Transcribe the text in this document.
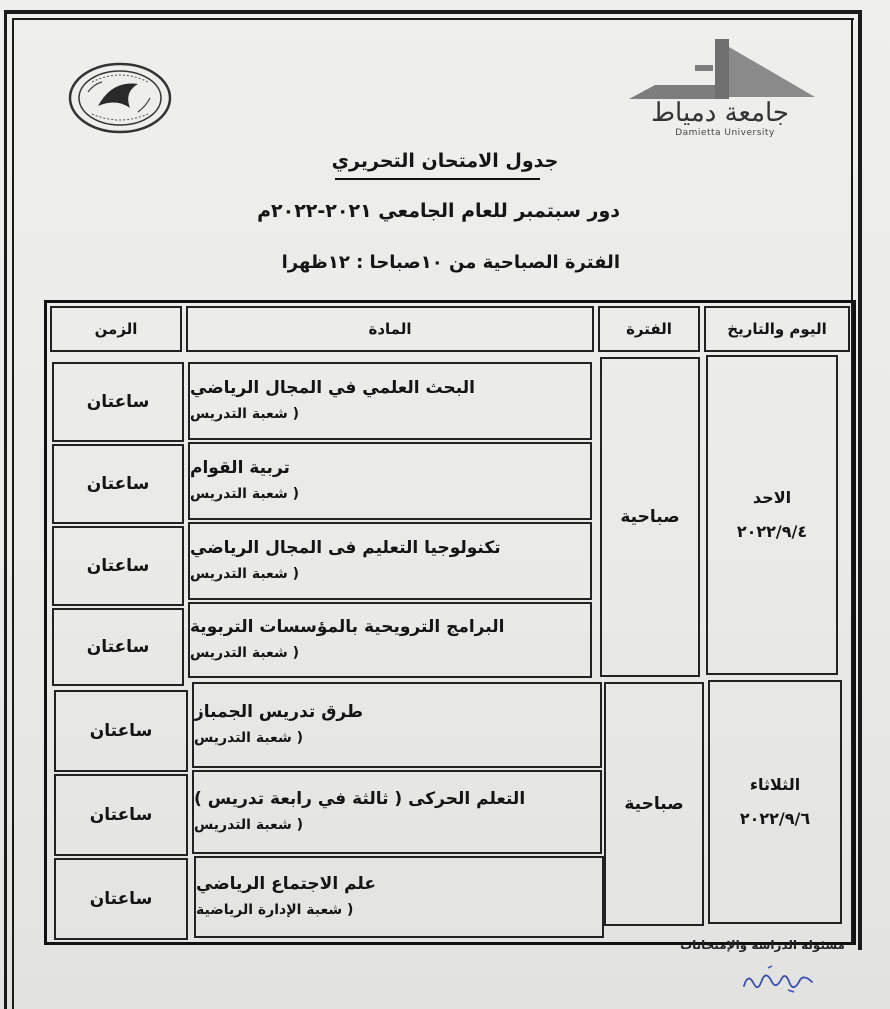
جامعة دمياط
Damietta University
جدول الامتحان التحريري
دور سبتمبر للعام الجامعي ٢٠٢١-٢٠٢٢م
الفترة الصباحية من ١٠صباحا : ١٢ظهرا
اليوم والتاريخ
الفترة
المادة
الزمن
الاحد
٢٠٢٢/٩/٤
صباحية
البحث العلمي في المجال الرياضي
( شعبة التدريس
ساعتان
تربية القوام
( شعبة التدريس
ساعتان
تكنولوجيا التعليم فى المجال الرياضي
( شعبة التدريس
ساعتان
البرامج الترويحية بالمؤسسات التربوية
( شعبة التدريس
ساعتان
الثلاثاء
٢٠٢٢/٩/٦
صباحية
طرق تدريس الجمباز
( شعبة التدريس
ساعتان
التعلم الحركى ( ثالثة في رابعة تدريس )
( شعبة التدريس
ساعتان
علم الاجتماع الرياضي
( شعبة الإدارة الرياضية
ساعتان
مسئولة الدراسة والإمتحانات
